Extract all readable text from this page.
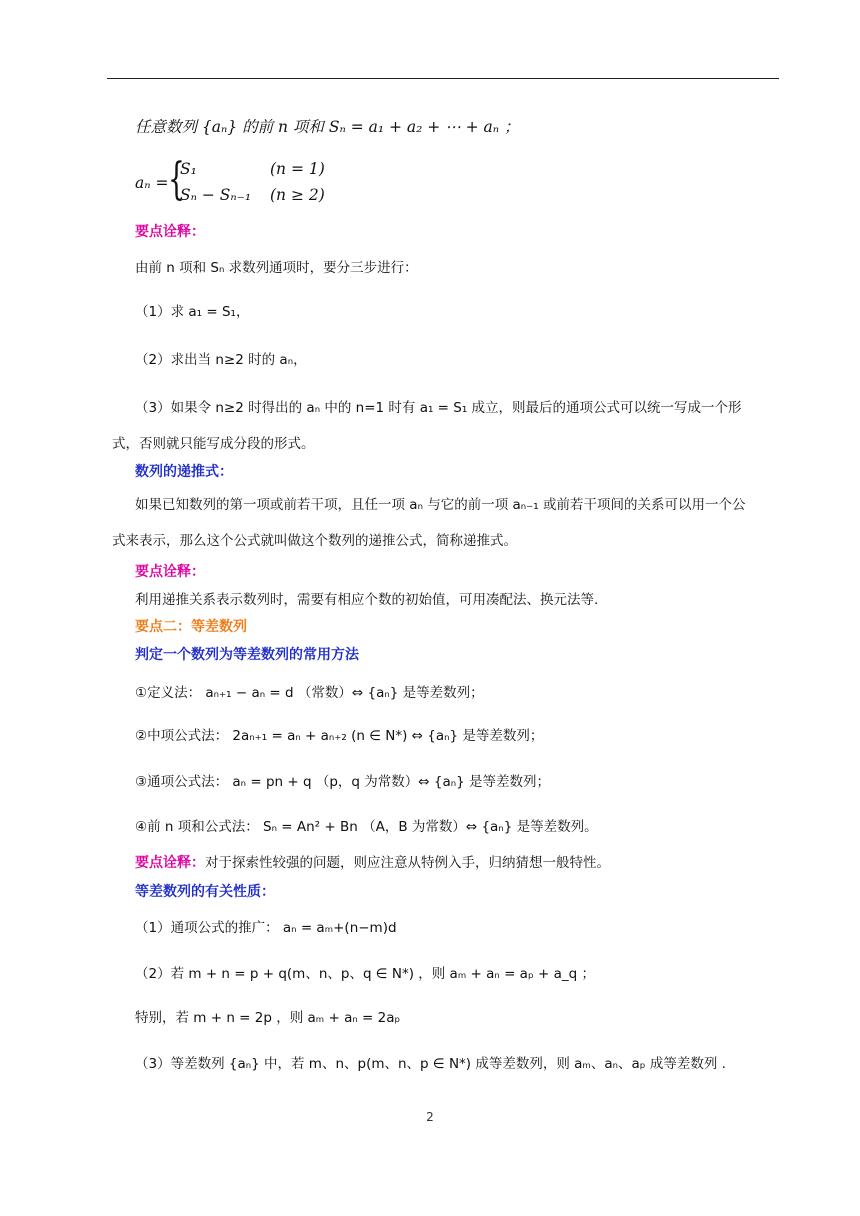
任意数列 {aₙ} 的前 n 项和 Sₙ = a₁ + a₂ + ⋯ + aₙ ；
aₙ = {
S₁	(n = 1)
Sₙ − Sₙ₋₁ (n ≥ 2)
要点诠释：
由前 n 项和 Sₙ 求数列通项时，要分三步进行：
（1）求 a₁ = S₁，
（2）求出当 n≥2 时的 aₙ，
（3）如果令 n≥2 时得出的 aₙ 中的 n=1 时有 a₁ = S₁ 成立，则最后的通项公式可以统一写成一个形式，否则就只能写成分段的形式。
数列的递推式：
如果已知数列的第一项或前若干项，且任一项 aₙ 与它的前一项 aₙ₋₁ 或前若干项间的关系可以用一个公式来表示，那么这个公式就叫做这个数列的递推公式，简称递推式。
要点诠释：
利用递推关系表示数列时，需要有相应个数的初始值，可用凑配法、换元法等.
要点二：等差数列
判定一个数列为等差数列的常用方法
①定义法： aₙ₊₁ − aₙ = d （常数）⇔ {aₙ} 是等差数列；
②中项公式法： 2aₙ₊₁ = aₙ + aₙ₊₂ (n ∈ N*) ⇔ {aₙ} 是等差数列；
③通项公式法： aₙ = pn + q （p，q 为常数）⇔ {aₙ} 是等差数列；
④前 n 项和公式法： Sₙ = An² + Bn （A，B 为常数）⇔ {aₙ} 是等差数列。
要点诠释：对于探索性较强的问题，则应注意从特例入手，归纳猜想一般特性。
等差数列的有关性质：
（1）通项公式的推广： aₙ = aₘ+(n−m)d
（2）若 m + n = p + q(m、n、p、q ∈ N*) ，则 aₘ + aₙ = aₚ + a_q ；
特别，若 m + n = 2p ，则 aₘ + aₙ = 2aₚ
（3）等差数列 {aₙ} 中，若 m、n、p(m、n、p ∈ N*) 成等差数列，则 aₘ、aₙ、aₚ 成等差数列 .
2
